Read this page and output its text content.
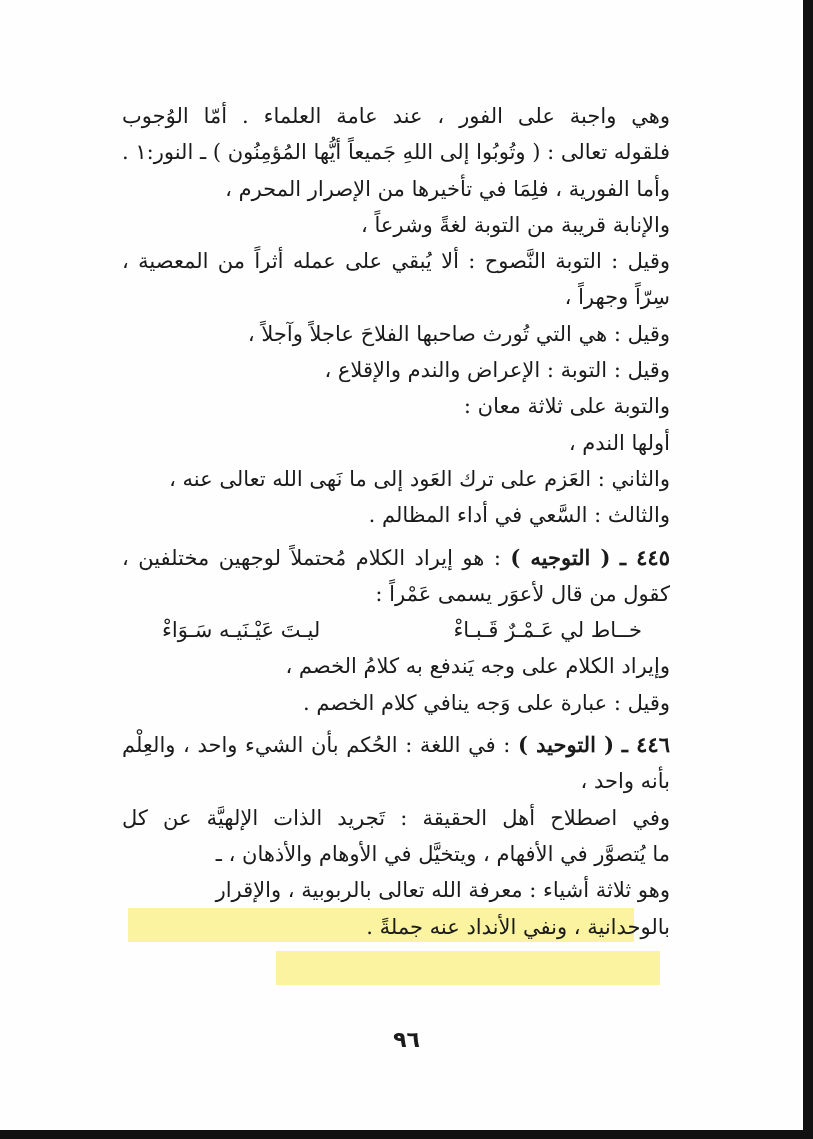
وهي واجبة على الفور ، عند عامة العلماء . أمّا الوُجوب
فلقوله تعالى : ( وتُوبُوا إلى اللهِ جَميعاً أيُّها المُؤمِنُون ) ـ النور:١ .
وأما الفورية ، فلِمَا في تأخيرها من الإصرار المحرم ،
والإنابة قريبة من التوبة لغةً وشرعاً ،
وقيل : التوبة النَّصوح : ألا يُبقي على عمله أثراً من المعصية ،
سِرّاً وجهراً ،
وقيل : هي التي تُورث صاحبها الفلاحَ عاجلاً وآجلاً ،
وقيل : التوبة : الإعراض والندم والإقلاع ،
والتوبة على ثلاثة معان :
أولها الندم ،
والثاني : العَزم على ترك العَود إلى ما نَهى الله تعالى عنه ،
والثالث : السَّعي في أداء المظالم .
٤٤٥ ـ ( التوجيه ) : هو إيراد الكلام مُحتملاً لوجهين مختلفين ،
كقول من قال لأعوَر يسمى عَمْراً :
خــاط لي عَـمْـرٌ قَـبـاءْ
ليـتَ عَيْـنَيـه سَـوَاءْ
وإيراد الكلام على وجه يَندفع به كلامُ الخصم ،
وقيل : عبارة على وَجه ينافي كلام الخصم .
٤٤٦ ـ ( التوحيد ) : في اللغة : الحُكم بأن الشيء واحد ، والعِلْم
بأنه واحد ،
وفي اصطلاح أهل الحقيقة : تَجريد الذات الإلهيَّة عن كل
ما يُتصوَّر في الأفهام ، ويتخيَّل في الأوهام والأذهان ، ـ
وهو ثلاثة أشياء : معرفة الله تعالى بالربوبية ، والإقرار
بالوحدانية ، ونفي الأنداد عنه جملةً .
٩٦
